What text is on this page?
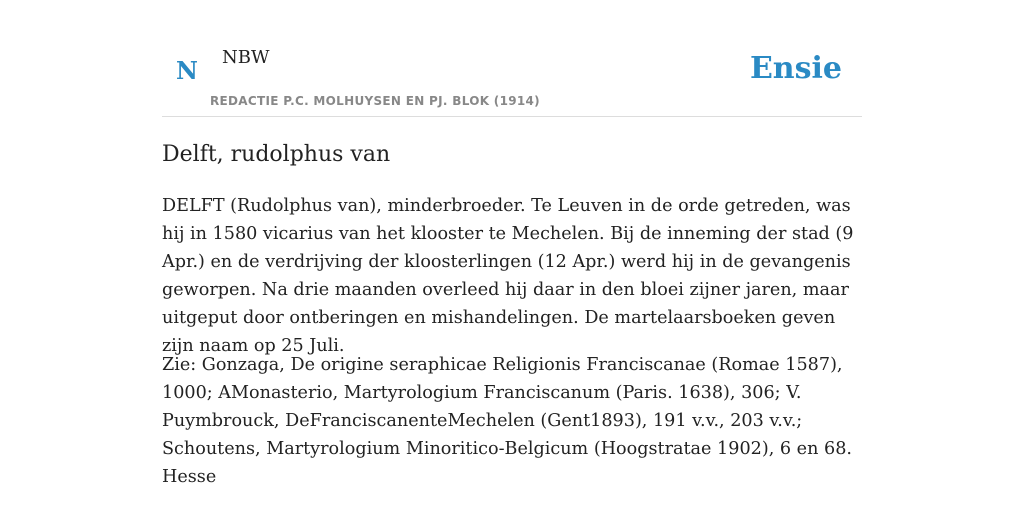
N NBW
REDACTIE P.C. MOLHUYSEN EN PJ. BLOK (1914)
Ensie
Delft, rudolphus van

DELFT (Rudolphus van), minderbroeder. Te Leuven in de orde getreden, was hij in 1580 vicarius van het klooster te Mechelen. Bij de inneming der stad (9 Apr.) en de verdrijving der kloosterlingen (12 Apr.) werd hij in de gevangenis geworpen. Na drie maanden overleed hij daar in den bloei zijner jaren, maar uitgeput door ontberingen en mishandelingen. De martelaarsboeken geven zijn naam op 25 Juli.

Zie: Gonzaga, De origine seraphicae Religionis Franciscanae (Romae 1587), 1000; AMonasterio, Martyrologium Franciscanum (Paris. 1638), 306; V. Puymbrouck, DeFranciscanenteMechelen (Gent1893), 191 v.v., 203 v.v.; Schoutens, Martyrologium Minoritico-Belgicum (Hoogstratae 1902), 6 en 68. Hesse
